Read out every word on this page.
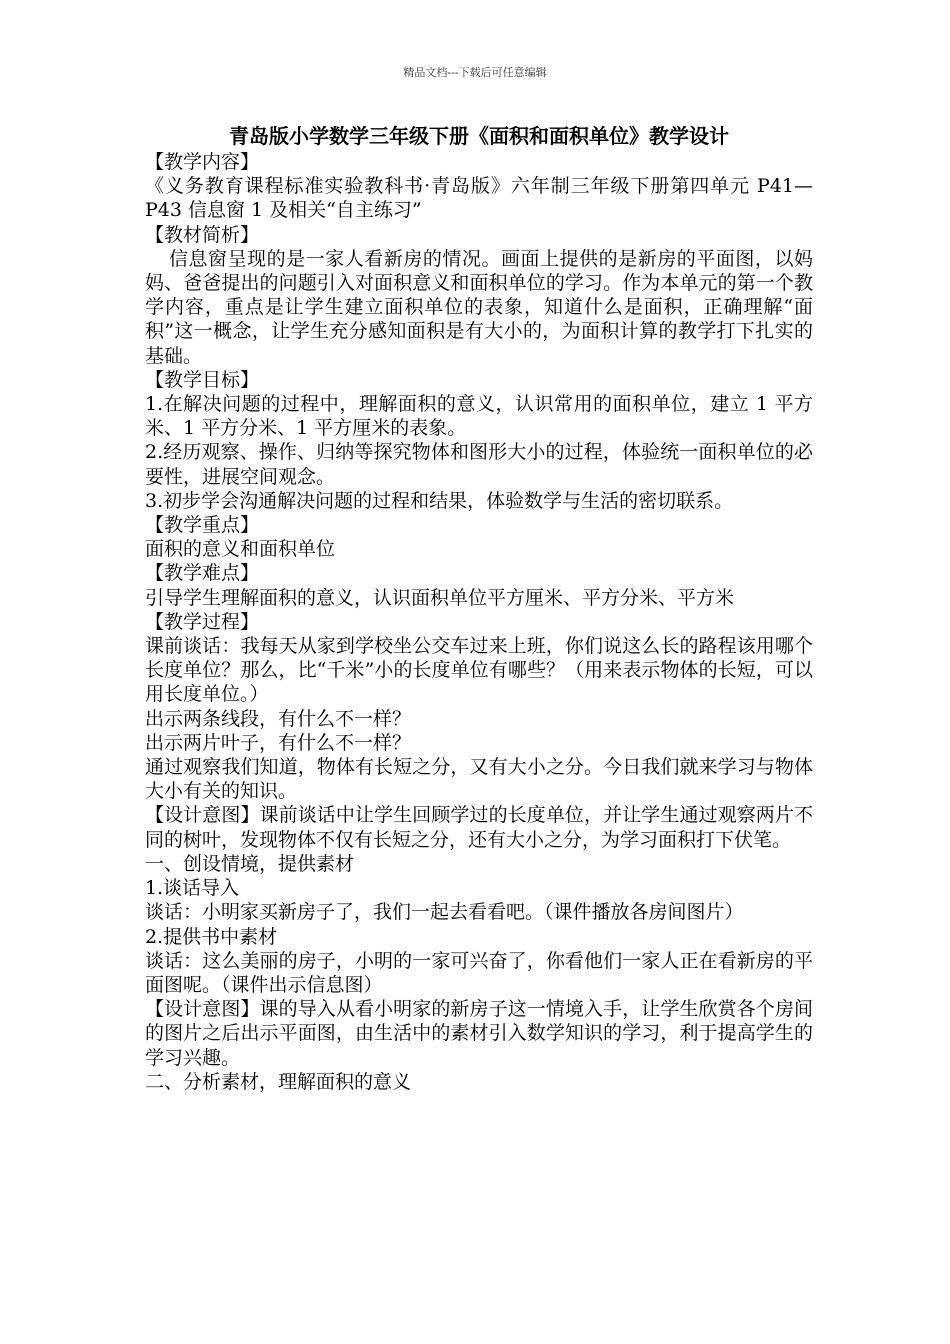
精品文档---下载后可任意编辑
青岛版小学数学三年级下册《面积和面积单位》教学设计

【教学内容】

《义务教育课程标准实验教科书·青岛版》六年制三年级下册第四单元 P41—P43 信息窗 1 及相关“自主练习”

【教材简析】

信息窗呈现的是一家人看新房的情况。画面上提供的是新房的平面图，以妈妈、爸爸提出的问题引入对面积意义和面积单位的学习。作为本单元的第一个教学内容，重点是让学生建立面积单位的表象，知道什么是面积，正确理解“面积”这一概念，让学生充分感知面积是有大小的，为面积计算的教学打下扎实的基础。

【教学目标】

1.在解决问题的过程中，理解面积的意义，认识常用的面积单位，建立 1 平方米、1 平方分米、1 平方厘米的表象。

2.经历观察、操作、归纳等探究物体和图形大小的过程，体验统一面积单位的必要性，进展空间观念。

3.初步学会沟通解决问题的过程和结果，体验数学与生活的密切联系。

【教学重点】

面积的意义和面积单位

【教学难点】

引导学生理解面积的意义，认识面积单位平方厘米、平方分米、平方米

【教学过程】

课前谈话：我每天从家到学校坐公交车过来上班，你们说这么长的路程该用哪个长度单位？那么，比“千米”小的长度单位有哪些？（用来表示物体的长短，可以用长度单位。）

出示两条线段，有什么不一样？

出示两片叶子，有什么不一样？

通过观察我们知道，物体有长短之分，又有大小之分。今日我们就来学习与物体大小有关的知识。

【设计意图】课前谈话中让学生回顾学过的长度单位，并让学生通过观察两片不同的树叶，发现物体不仅有长短之分，还有大小之分，为学习面积打下伏笔。

一、创设情境，提供素材

1.谈话导入

谈话：小明家买新房子了，我们一起去看看吧。（课件播放各房间图片）

2.提供书中素材

谈话：这么美丽的房子，小明的一家可兴奋了，你看他们一家人正在看新房的平面图呢。（课件出示信息图）

【设计意图】课的导入从看小明家的新房子这一情境入手，让学生欣赏各个房间的图片之后出示平面图，由生活中的素材引入数学知识的学习，利于提高学生的学习兴趣。

二、分析素材，理解面积的意义
